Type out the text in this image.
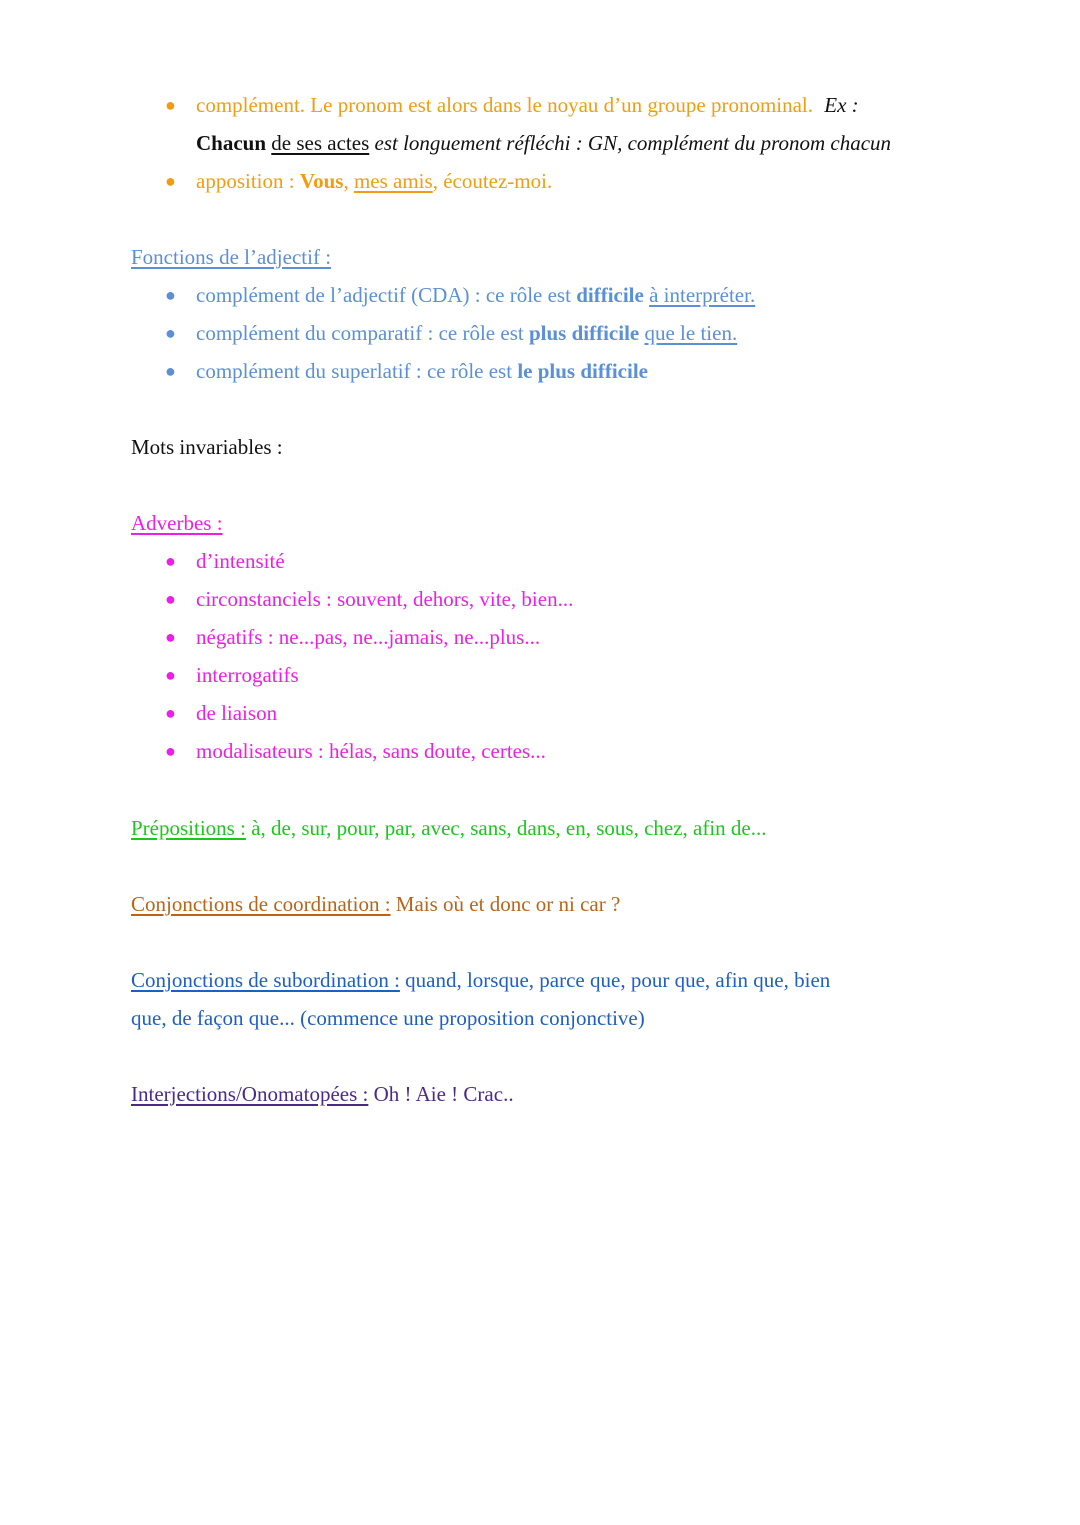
● complément. Le pronom est alors dans le noyau d’un groupe pronominal. Ex :
Chacun de ses actes est longuement réfléchi : GN, complément du pronom chacun
● apposition : Vous, mes amis, écoutez-moi.
Fonctions de l’adjectif :
● complément de l’adjectif (CDA) : ce rôle est difficile à interpréter.
● complément du comparatif : ce rôle est plus difficile que le tien.
● complément du superlatif : ce rôle est le plus difficile
Mots invariables :
Adverbes :
● d’intensité
● circonstanciels : souvent, dehors, vite, bien...
● négatifs : ne...pas, ne...jamais, ne...plus...
● interrogatifs
● de liaison
● modalisateurs : hélas, sans doute, certes...
Prépositions : à, de, sur, pour, par, avec, sans, dans, en, sous, chez, afin de...
Conjonctions de coordination : Mais où et donc or ni car ?
Conjonctions de subordination : quand, lorsque, parce que, pour que, afin que, bien
que, de façon que... (commence une proposition conjonctive)
Interjections/Onomatopées : Oh ! Aie ! Crac..
